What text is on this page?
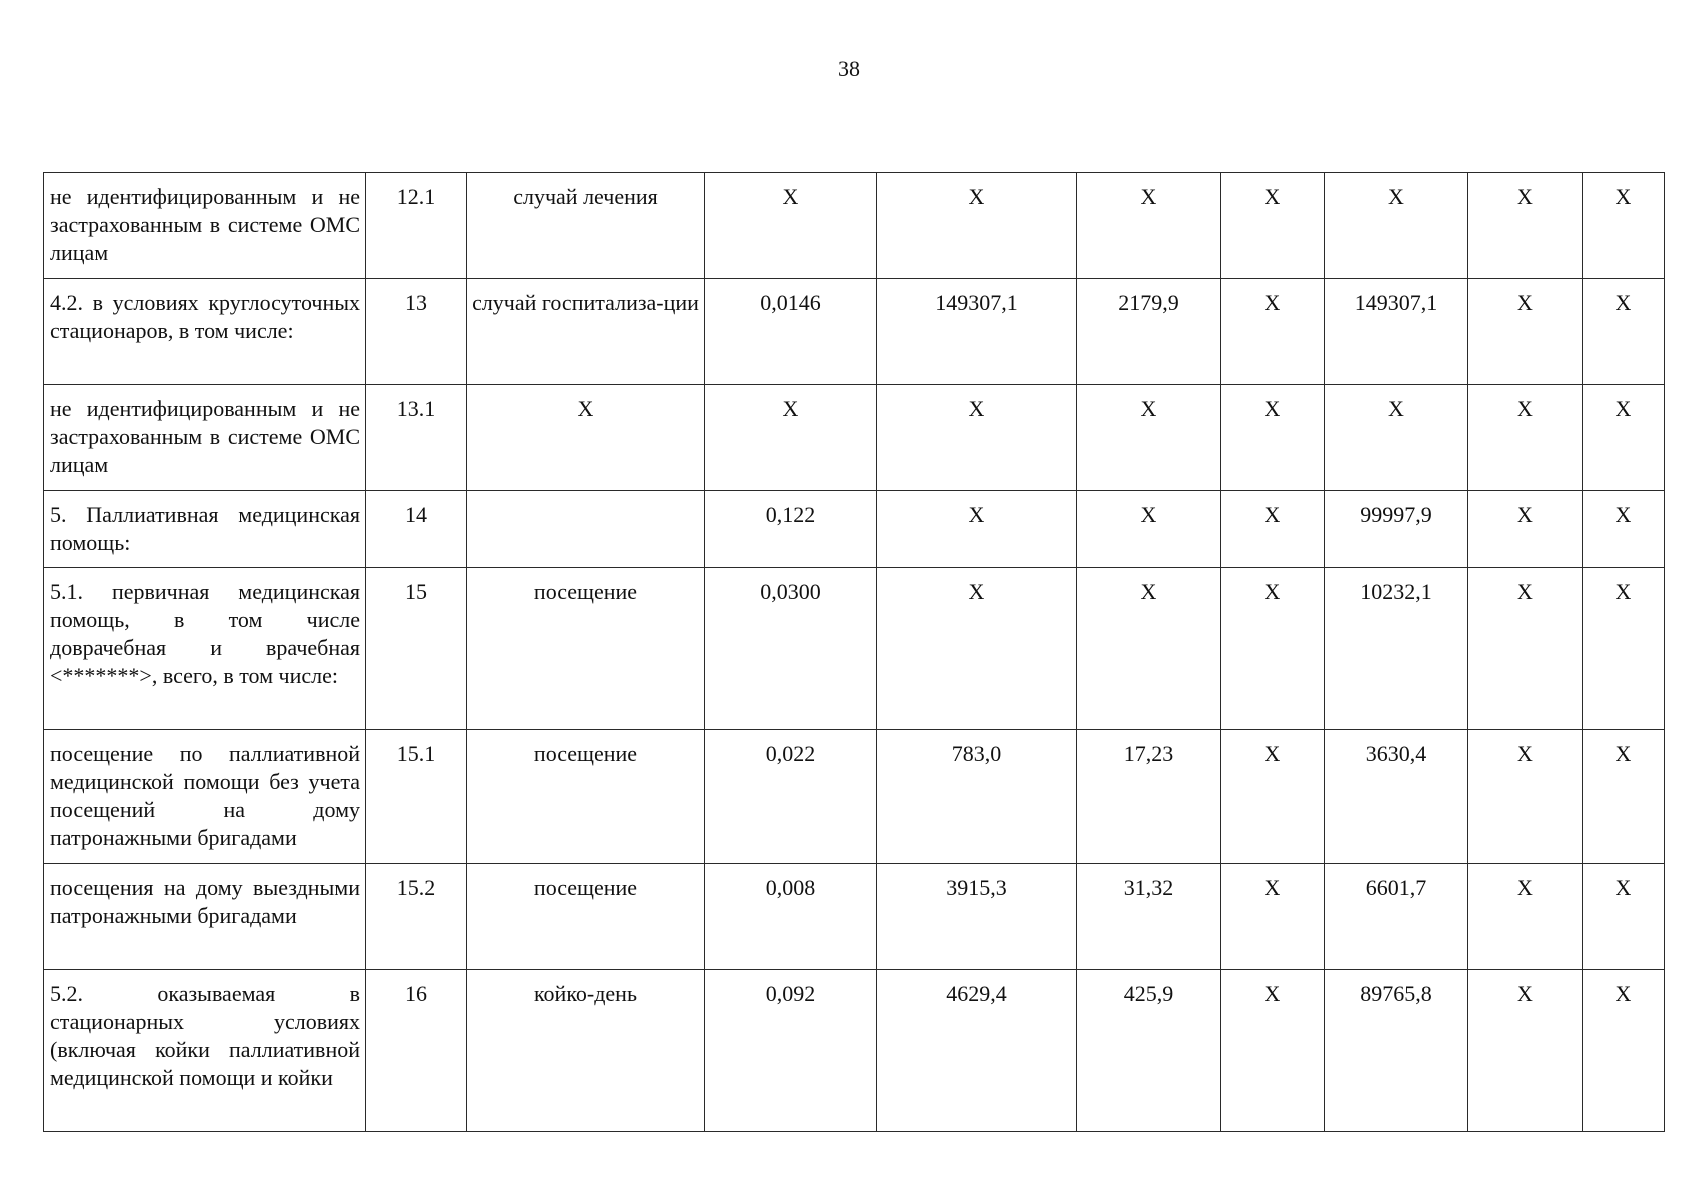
38
не идентифицированным и не застрахованным в системе ОМС лицам	12.1	случай лечения	X	X	X	X	X	X	X
4.2. в условиях круглосуточных стационаров, в том числе:	13	случай госпитализа-ции	0,0146	149307,1	2179,9	X	149307,1	X	X
не идентифицированным и не застрахованным в системе ОМС лицам	13.1	X	X	X	X	X	X	X	X
5. Паллиативная медицинская помощь:	14		0,122	X	X	X	99997,9	X	X
5.1. первичная медицинская помощь, в том числе доврачебная и врачебная <*******>, всего, в том числе:	15	посещение	0,0300	X	X	X	10232,1	X	X
посещение по паллиативной медицинской помощи без учета посещений на дому патронажными бригадами	15.1	посещение	0,022	783,0	17,23	X	3630,4	X	X
посещения на дому выездными патронажными бригадами	15.2	посещение	0,008	3915,3	31,32	X	6601,7	X	X
5.2. оказываемая в стационарных условиях (включая койки паллиативной медицинской помощи и койки	16	койко-день	0,092	4629,4	425,9	X	89765,8	X	X
